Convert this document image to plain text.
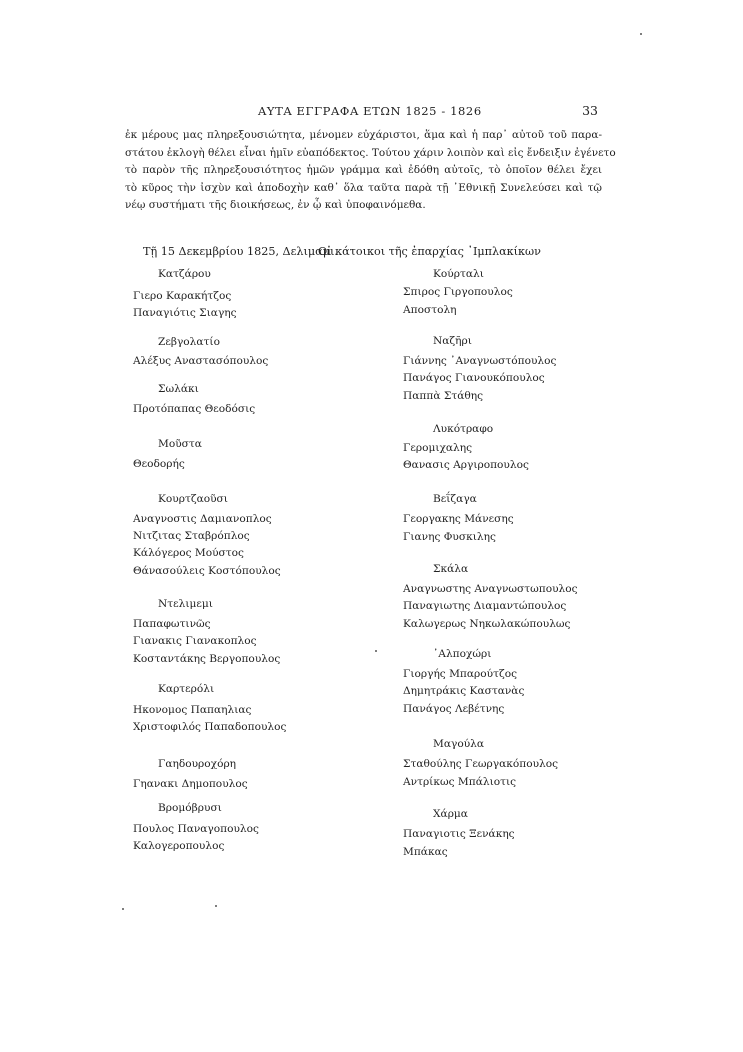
ΑΥΤΑ ΕΓΓΡΑΦΑ ΕΤΩΝ 1825 - 1826	33
ἐκ μέρους μας πληρεξουσιώτητα, μένομεν εὐχάριστοι, ἅμα καὶ ἡ παρ᾿ αὐτοῦ τοῦ παρα-
στάτου ἐκλογὴ θέλει εἶναι ἡμῖν εὐαπόδεκτος. Τούτου χάριν λοιπὸν καὶ εἰς ἔνδειξιν ἐγένετο
τὸ παρὸν τῆς πληρεξουσιότητος ἡμῶν γράμμα καὶ ἐδόθη αὐτοῖς, τὸ ὁποῖον θέλει ἔχει
τὸ κῦρος τὴν ἰσχὺν καὶ ἀποδοχὴν καθ᾿ ὅλα ταῦτα παρὰ τῇ ᾿Εθνικῇ Συνελεύσει καὶ τῷ
νέῳ συστήματι τῆς διοικήσεως, ἐν ᾧ καὶ ὑποφαινόμεθα.
Τῇ 15 Δεκεμβρίου 1825, Δελιμαμι.
Οἱ κάτοικοι τῆς ἐπαρχίας ᾿Ιμπλακίκων
Κατζάρου
Γιερο Καρακήτζος
Παναγιότις Σιαγης
Ζεβγολατίο
Αλέξυς Αναστασόπουλος
Σωλάκι
Προτόπαπας Θεοδόσις
Μοῦστα
Θεοδορής
Κουρτζαοῦσι
Αναγνοστις Δαμιανοπλος
Νιτζιτας Σταβρόπλος
Κάλόγερος Μούστος
Θάνασούλεις Κοστόπουλος
Ντελιμεμι
Παπαφωτινῶς
Γιανακις Γιανακοπλος
Κοσταντάκης Βεργοπουλος
Καρτερόλι
Ηκονομος Παπαηλιας
Χριστοφιλός Παπαδοπουλος
Γαηδουροχόρη
Γηανακι Δημοπουλος
Βρομόβρυσι
Πουλος Παναγοπουλος
Καλογεροπουλος
Κούρταλι
Σπιρος Γιργοπουλος
Αποστολη
Ναζῆρι
Γιάννης ᾿Αναγνωστόπουλος
Πανάγος Γιανουκόπουλος
Παππὰ Στάθης
Λυκότραφο
Γερομιχαλης
Θανασις Αργιροπουλος
Βεΐζαγα
Γεοργακης Μάνεσης
Γιανης Φυσκιλης
Σκάλα
Αναγνωστης Αναγνωστωπουλος
Παναγιωτης Διαμαντώπουλος
Καλωγερως Νηκωλακώπουλως
᾿Αλποχώρι
Γιοργής Μπαρούτζος
Δημητράκις Καστανὰς
Πανάγος Λεβέτνης
Μαγούλα
Σταθούλης Γεωργακόπουλος
Αντρίκως Μπάλιοτις
Χάρμα
Παναγιοτις Ξενάκης
Μπάκας
